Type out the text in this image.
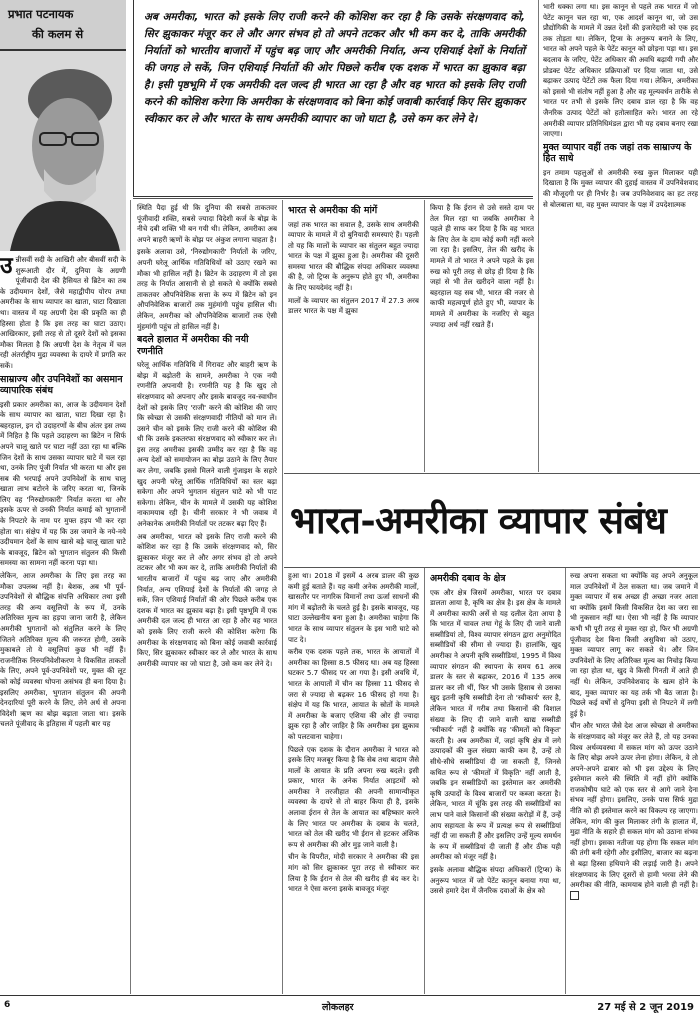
प्रभात पटनायक
की कलम से

अब अमरीका, भारत को इसके लिए राजी करने की कोशिश कर रहा है कि उसके संरक्षणवाद को, सिर झुकाकर मंजूर कर ले और अगर संभव हो तो अपने तटकर और भी कम कर दे, ताकि अमरीकी निर्यातों को भारतीय बाजारों में पहुंच बढ़ जाए और अमरीकी निर्यात, अन्य एशियाई देशों के निर्यातों की जगह ले सकें, जिन एशियाई निर्यातों की ओर पिछले करीब एक दशक में भारत का झुकाव बढ़ा है। इसी पृष्ठभूमि में एक अमरीकी दल जल्द ही भारत आ रहा है और वह भारत को इसके लिए राजी करने की कोशिश करेगा कि अमरीका के संरक्षणवाद को बिना कोई जवाबी कार्रवाई किए सिर झुकाकर स्वीकार कर ले और भारत के साथ अमरीकी व्यापार का जो घाटा है, उसे कम कर लेने दे।

उन्नीसवीं सदी के आखिरी और बीसवीं सदी के शुरूआती दौर में, दुनिया के अग्रणी पूंजीवादी देश की हैसियत से ब्रिटेन का तब के उदीयमान देशों, जैसे महाद्वीपीय योरप तथा अमरीका के साथ व्यापार का खाता, घाटा दिखाता था। वास्तव में यह अग्रणी देश की प्रकृति का ही हिस्सा होता है कि इस तरह का घाटा उठाए। आखिरकार, इसी तरह से तो दूसरे देशों को इसका मौका मिलता है कि अग्रणी देश के नेतृत्व में चल रही अंतर्राष्ट्रीय मुद्रा व्यवस्था के दायरे में प्रगति कर सकें।

साम्राज्य और उपनिवेशों का असमान व्यापारिक संबंध

इसी प्रकार अमरीका का, आज के उदीयमान देशों के साथ व्यापार का खाता, घाटा दिखा रहा है। बहरहाल, इन दो उदाहरणों के बीच अंतर इस तथ्य में निहित है कि पहले उदाहरण का ब्रिटेन न सिर्फ अपने चालू खाते पर घाटा नहीं उठा रहा था बल्कि जिन देशों के साथ उसका व्यापार घाटे में चल रहा था, उनके लिए पूंजी निर्यात भी करता था और इस सब की भरपाई अपने उपनिवेशों के साथ चालू खाता लाभ बटोरने के जरिए करता था, जिनके लिए वह 'निरुद्योगकारी' निर्यात करता था और इसके ऊपर से उनकी निर्यात कमाई को भुगतानों के निपटारे के नाम पर मुफ्त हड़प भी कर रहा होता था। संक्षेप में यह कि उस जमाने के नये-नये उदीयमान देशों के साथ खासे बड़े चालू खाता घाटे के बावजूद, ब्रिटेन को भुगतान संतुलन की किसी समस्या का सामना नहीं करना पड़ा था।

लेकिन, आज अमरीका के लिए इस तरह का मौका उपलब्ध नहीं है। बेशक, अब भी पूर्व-उपनिवेशों से बौद्धिक संपत्ति अधिकार तथा इसी तरह की अन्य वसूलियों के रूप में, उनके अतिरिक्त मूल्य का हड़पा जाना जारी है, लेकिन अमरीकी भुगतानों को संतुलित करने के लिए जितने अतिरिक्त मूल्य की जरूरत होगी, उसके मुकाबले तो ये वसूलियां कुछ भी नहीं हैं। राजनीतिक निरुपनिवेशीकरण ने विकसित ताकतों के लिए, अपने पूर्व-उपनिवेशों पर, मुक्त की लूट को कोई व्यवस्था थोपना असंभव ही बना दिया है। इसलिए अमरीका, भुगतान संतुलन की अपनी देनदारियां पूरी करने के लिए, लेने अर्थ से अपना विदेशी ऋण का बोझ बढ़ाता जाता था। इसके चलते पूंजीवाद के इतिहास में पहली बार यह

स्थिति पैदा हुई थी कि दुनिया की सबसे ताकतवर पूंजीवादी शक्ति, सबसे ज्यादा विदेशी कर्ज के बोझ के नीचे दबी शक्ति भी बन गयी थी। लेकिन, अमरीका अब अपने बाहरी ऋणों के बोझ पर अंकुश लगाना चाहता है।

इसके अलावा उसे, 'निरुद्योगकारी' निर्यातों के जरिए, अपनी घरेलू आर्थिक गतिविधियों को उठाए रखने का मौका भी हासिल नहीं है। ब्रिटेन के उदाहरण में तो इस तरह के निर्यात आसानी से हो सकते थे क्योंकि सबसे ताकतवर औपनिवेशिक सत्ता के रूप में ब्रिटेन को इन औपनिवेशिक बाजारों तक मुहंमांगी पहुंच हासिल थी। लेकिन, अमरीका को औपनिवेशिक बाजारों तक ऐसी मुंहमांगी पहुंच तो हासिल नहीं है।

बदले हालात में अमरीका की नयी रणनीति

घरेलू आर्थिक गतिविधि में गिरावट और बाहरी ऋण के बोझ में बढ़ोतरी के सामने, अमरीका ने एक नयी रणनीति अपनायी है। रणनीति यह है कि खुद तो संरक्षणवाद को अपनाए और इसके बावजूद नव-स्वाधीन देशों को इसके लिए 'राजी' करने की कोशिश की जाए कि स्वेच्छा से उसकी संरक्षणवादी नीतियों को मान लें। उसने चीन को इसके लिए राजी करने की कोशिश की थी कि उसके इकतरफा संरक्षणवाद को स्वीकार कर ले। इस तरह अमरीका इसकी उम्मीद कर रहा है कि वह अन्य देशों को समायोजन का बोझ उठाने के लिए तैयार कर लेगा, जबकि इससे मिलने वाली गुंजाइश के सहारे खुद अपनी घरेलू आर्थिक गतिविधियों का स्तर बढ़ा सकेगा और अपने भुगतान संतुलन घाटे को भी पाट सकेगा। लेकिन, चीन के मामले में उसकी यह कोशिश नाकामयाब रही है। चीनी सरकार ने भी जवाब में अनेकानेक अमरीकी निर्यातों पर तटकर बढ़ा दिए हैं।

अब अमरीका, भारत को इसके लिए राजी करने की कोशिश कर रहा है कि उसके संरक्षणवाद को, सिर झुकाकर मंजूर कर ले और अगर संभव हो तो अपने तटकर और भी कम कर दे, ताकि अमरीकी निर्यातों की भारतीय बाजारों में पहुंच बढ़ जाए और अमरीकी निर्यात, अन्य एशियाई देशों के निर्यातों की जगह ले सकें, जिन एशियाई निर्यातों की ओर पिछले करीब एक दशक में भारत का झुकाव बढ़ा है। इसी पृष्ठभूमि में एक अमरीकी दल जल्द ही भारत आ रहा है और वह भारत को इसके लिए राजी करने की कोशिश करेगा कि अमरीका के संरक्षणवाद को बिना कोई जवाबी कार्रवाई किए, सिर झुकाकर स्वीकार कर ले और भारत के साथ अमरीकी व्यापार का जो घाटा है, उसे कम कर लेने दे।

भारत से अमरीका की मांगें

जहां तक भारत का सवाल है, उसके साथ अमरीकी व्यापार के मामले में दो बुनियादी समस्याएं हैं। पहली तो यह कि मालों के व्यापार का संतुलन बहुत ज्यादा भारत के पक्ष में झुका हुआ है। अमरीका की दूसरी समस्या भारत की बौद्धिक संपदा अधिकार व्यवस्था की है, जो ट्रिप्स के अनुरूप होते हुए भी, अमरीका के लिए फायदेमंद नहीं है।

मालों के व्यापार का संतुलन 2017 में 27.3 अरब डालर भारत के पक्ष में झुका

किया है कि ईरान से उसे सस्ते दाम पर तेल मिल रहा था जबकि अमरीका ने पहले ही साफ कर दिया है कि वह भारत के लिए तेल के दाम कोई कमी नहीं करने जा रहा है। इसलिए, तेल की खरीद के मामले में तो भारत ने अपने पहले के इस रुख को पूरी तरह से छोड़ ही दिया है कि जहां से भी तेल खरीदने वाला नहीं है। बहरहाल यह सब भी, भारत की नजर से काफी महत्वपूर्ण होते हुए भी, व्यापार के मामले में अमरीका के नजरिए से बहुत ज्यादा अर्थ नहीं रखते हैं।

भारी धक्का लगा था। इस कानून से पहले तक भारत में जो पेटेंट कानून चल रहा था, एक आदर्श कानून था, जो उस प्रौद्योगिकी के मामले में उन्नत देशों की इजारेदारी को एक हद तक तोड़ता था। लेकिन, ट्रिप्स के अनुरूप बनाने के लिए, भारत को अपने पहले के पेटेंट कानून को छोड़ना पड़ा था। इस बदलाव के जरिए, पेटेंट अधिकार की अवधि बढ़ायी गयी और प्रोडक्ट पेटेंट अधिकार प्रक्रियाओं पर दिया जाता था, उसे बढ़ाकर उत्पाद पेटेंटों तक फैला दिया गया। लेकिन, अमरीका को इससे भी संतोष नहीं हुआ है और वह मूल्यवर्धन तारीके से भारत पर तभी से इसके लिए दबाव डाल रहा है कि वह जैनरिक उत्पाद पेटेंटों को हतोत्साहित करे। भारत आ रहे अमरीकी व्यापार प्रतिनिधिमंडल द्वारा भी यह दबाव बनाए रखा जाएगा।

मुक्त व्यापार वहीं तक जहां तक साम्राज्य के हित साधे

इन तमाम पहलुओं से अमरीकी रुख कुल मिलाकर यही दिखाता है कि मुक्त व्यापार की दुहाई वास्तव में उपनिवेशवाद की मौजूदगी पर ही निर्भर है। जब उपनिवेशवाद का हट तरह से बोलबाला था, वह मुक्त व्यापार के पक्ष में उपदेशात्मक

भारत-अमरीका व्यापार संबंध

हुआ था। 2018 में इसमें 4 अरब डालर की कुछ कमी हुई बताते हैं। यह कमी अनेक अमरीकी मालों, खासतौर पर नागरिक विमानों तथा ऊर्जा साधनों की मांग में बढ़ोतरी के चलते हुई है। इसके बावजूद, यह घाटा उल्लेखनीय बना हुआ है। अमरीका चाहेगा कि भारत के साथ व्यापार संतुलन के इस भारी घाटे को पाट दे।

करीब एक दशक पहले तक, भारत के आयातों में अमरीका का हिस्सा 8.5 फीसद था। अब यह हिस्सा घटकर 5.7 फीसद पर आ गया है। इसी अवधि में, भारत के आयातों में चीन का हिस्सा 11 फीसद से जरा से ज्यादा से बढ़कर 16 फीसद हो गया है। संक्षेप में यह कि भारत, आयात के स्रोतों के मामले में अमरीका के बजाए एशिया की ओर ही ज्यादा झुक रहा है और जाहिर है कि अमरीका इस झुकाव को पलटवाना चाहेगा।

पिछले एक दशक के दौरान अमरीका ने भारत को इसके लिए मजबूर किया है कि सेब तथा बादाम जैसे मालों के आयात के प्रति अपना रुख बदले। इसी प्रकार, भारत के अनेक निर्यात आइटमों को अमरीका ने तरजीहात की अपनी सामान्यीकृत व्यवस्था के दायरे से तो बाहर किया ही है, इसके अलावा ईरान से तेल के आयात का बहिष्कार करने के लिए भारत पर अमरीका के दबाव के चलते, भारत को तेल की खरीद भी ईरान से हटकर अंशिक रूप से अमरीका की ओर मुड़ जाने वाली है।

चीन के विपरीत, मोदी सरकार ने अमरीका की इस मांग को सिर झुकाकर पूरा तरह से स्वीकार कर लिया है कि ईरान से तेल की खरीद ही बंद कर दे। भारत ने ऐसा करना इसके बावजूद मंजूर

अमरीकी दबाव के क्षेत्र

एक और क्षेत्र जिसमें अमरीका, भारत पर दबाव डालता आया है, कृषि का क्षेत्र है। इस क्षेत्र के मामले में अमरीका काफी अर्से से यह दलील देता आया है कि भारत में चावल तथा गेहूं के लिए दी जाने वाली सब्सीडियां तो, विश्व व्यापार संगठन द्वारा अनुमोदित सब्सीडियों की सीमा से ज्यादा हैं। हालांकि, खुद अमरीका ने अपनी कृषि सब्सीडियां, 1995 में विश्व व्यापार संगठन की स्थापना के समय 61 अरब डालर के स्तर से बढ़ाकर, 2016 में 135 अरब डालर कर ली थीं, फिर भी उसके हिसाब से उसका खुद इतनी कृषि सब्सीडी देना तो 'स्वीकार्य' स्तर है, लेकिन भारत में गरीब तथा किसानों की विशाल संख्या के लिए दी जाने वाली खाद्य सब्सीडी 'स्वीकार्य' नहीं है क्योंकि वह 'कीमतों को विकृत' करती है। अब अमरीका में, जहां कृषि क्षेत्र में लगे उत्पादकों की कुल संख्या काफी कम है, उन्हें तो सीधे-सीधे सब्सीडियां दी जा सकती हैं, जिनसे कथित रूप से 'कीमतों में विकृति' नहीं आती है, जबकि इन सब्सीडियों का इस्तेमाल कर अमरीकी कृषि उत्पादों के विश्व बाजारों पर कब्जा करता है। लेकिन, भारत में चूंकि इस तरह की सब्सीडियों का लाभ पाने वाले किसानों की संख्या करोड़ों में हैं, उन्हें आय सहायता के रूप में प्रत्यक्ष रूप से सब्सीडियां नहीं दी जा सकती हैं और इसलिए उन्हें मूल्य समर्थन के रूप में सब्सीडियां दी जाती हैं और ठीक यही अमरीका को मंजूर नहीं है।

इसके अलावा बौद्धिक संपदा अधिकारों (ट्रिप्स) के अनुरूप भारत में जो पेटेंट कानून बनाया गया था, उससे हमारे देश में जैनरिक दवाओं के क्षेत्र को

रुख अपना सकता था क्योंकि वह अपने अनुकूल माल उपनिवेशों में ठेल सकता था। जब जमाने में मुक्त व्यापार में सब अच्छा ही अच्छा नजर आता था क्योंकि इसमें किसी विकसित देश का जरा सा भी नुकसान नहीं था। ऐसा भी नहीं है कि व्यापार कभी भी पूरी तरह से मुक्त रहा हो, फिर भी अग्रणी पूंजीवाद देश बिना किसी असुविधा को उठाए, मुक्त व्यापार लागू कर सकते थे। और जिन उपनिवेशों के लिए अतिरिक्त मूल्य का निचोड़ किया जा रहा होता था, खुद वे किसी गिनती में आते ही नहीं थे। लेकिन, उपनिवेशवाद के खत्म होने के बाद, मुक्त व्यापार का यह तर्क भी बैठ जाता है। पिछले कई वर्षों से दुनिया इसी से निपटने में लगी हुई है।

चीन और भारत जैसे देश आज स्वेच्छा से अमरीका के संरक्षणवाद को मंजूर कर लेते हैं, तो यह उनका विश्व अर्थव्यवस्था में सकल मांग को ऊपर उठाने के लिए बोझ अपने ऊपर लेना होगा। लेकिन, वे तो अपने-अपने ढाबार को भी इस उद्देश्य के लिए इस्तेमाल करने की स्थिति में नहीं होंगे क्योंकि राजकोषीय घाटे को एक स्तर से आगे जाने देना संभव नहीं होगा। इसलिए, उनके पास सिर्फ मुद्रा नीति को ही इस्तेमाल करने का विकल्प रह जाएगा। लेकिन, मांग की कुल मिलाकर तंगी के हालात में, मुद्रा नीति के सहारे ही सकल मांग को उठाना संभव नहीं होगा। इसका नतीजा यह होगा कि सकल मांग की तंगी बनी रहेगी और इसीलिए, बाजार का बढ़ना से बढ़ा हिस्सा हथियाने की लड़ाई जारी है। अपने संरक्षणवाद के लिए दूसरों से हामी भरवा लेने की अमरीका की नीति, कामयाब होने वाली ही नहीं है।

6	लोकलहर	27 मई से 2 जून 2019
